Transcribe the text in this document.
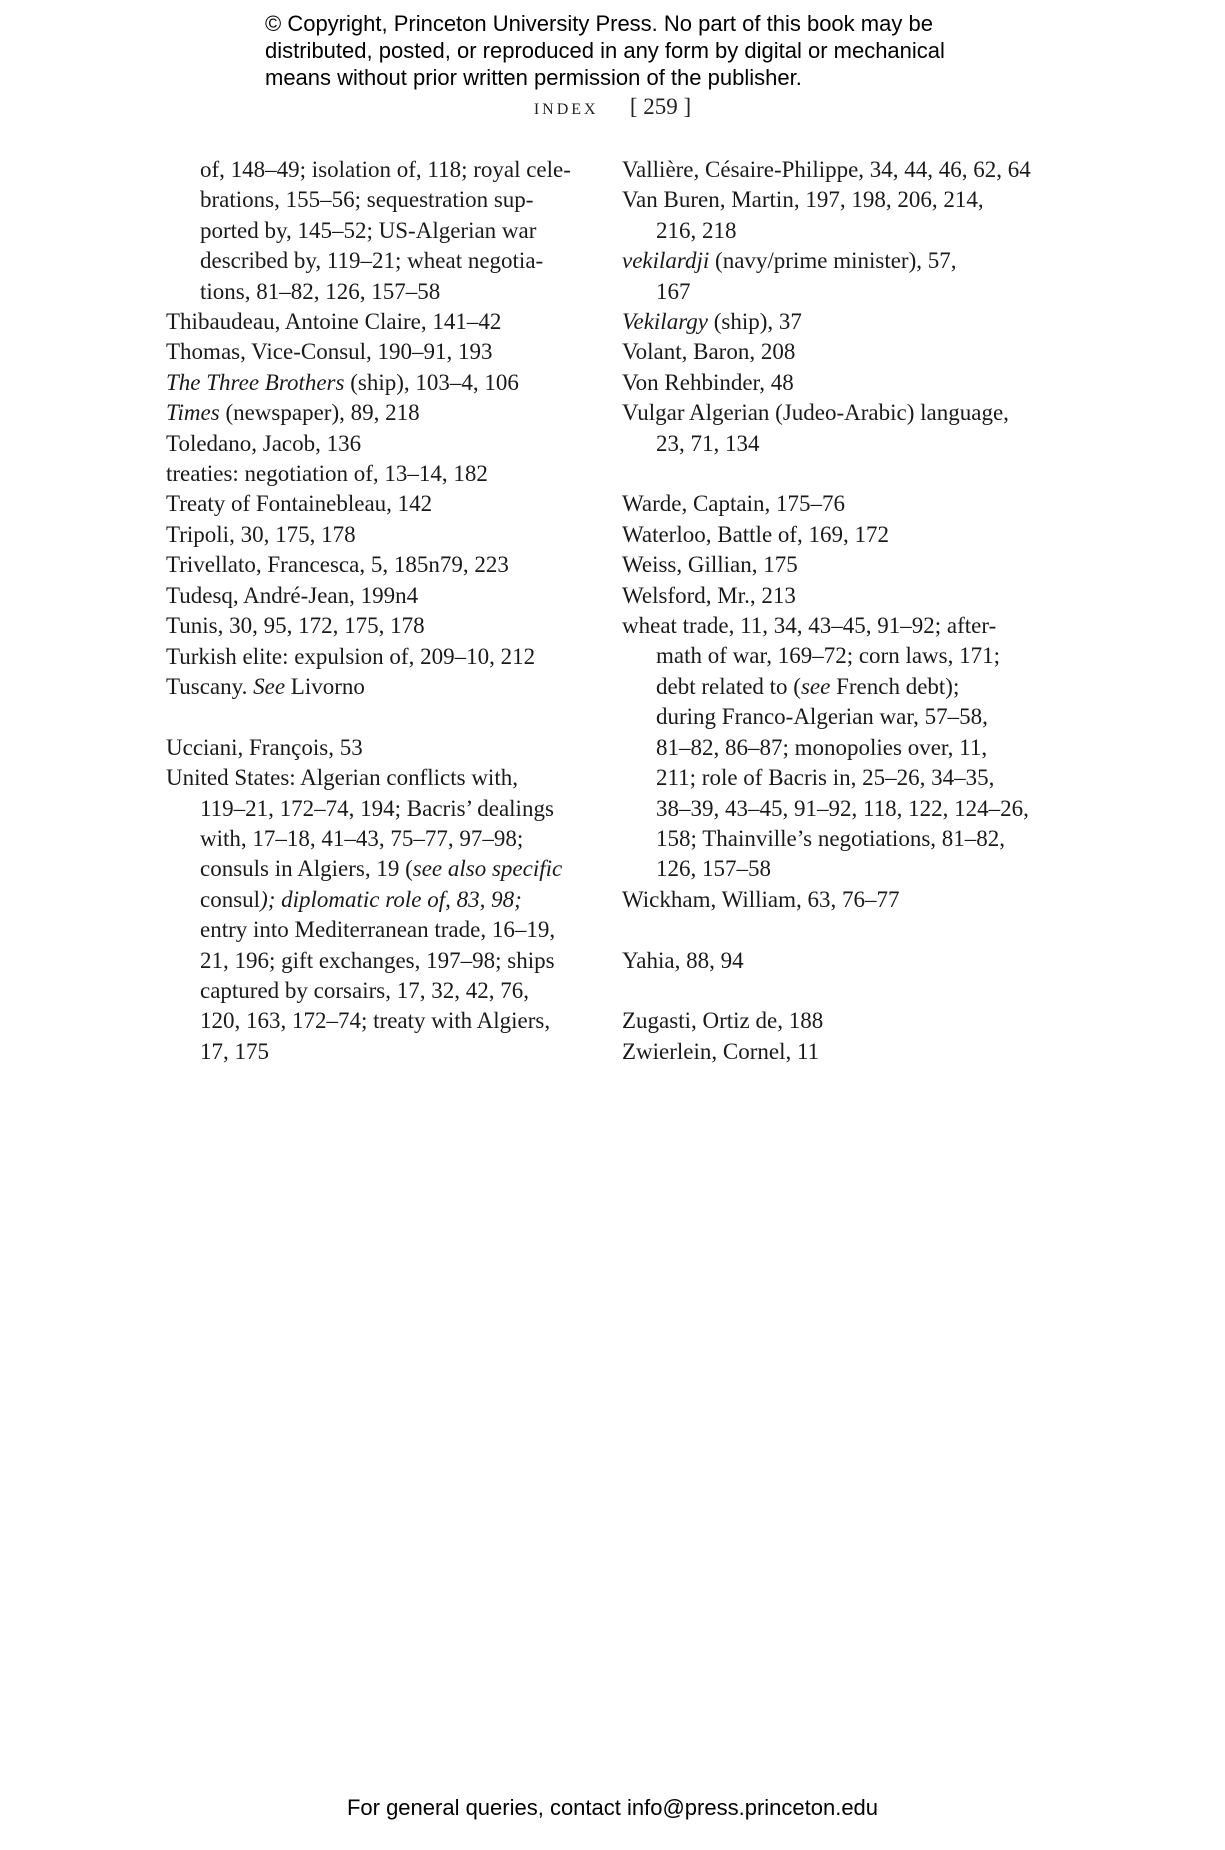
© Copyright, Princeton University Press. No part of this book may be
distributed, posted, or reproduced in any form by digital or mechanical
means without prior written permission of the publisher.
index [ 259 ]

of, 148–49; isolation of, 118; royal cele-
brations, 155–56; sequestration sup-
ported by, 145–52; US-Algerian war
described by, 119–21; wheat negotia-
tions, 81–82, 126, 157–58

Thibaudeau, Antoine Claire, 141–42

Thomas, Vice-Consul, 190–91, 193

The Three Brothers (ship), 103–4, 106

Times (newspaper), 89, 218

Toledano, Jacob, 136

treaties: negotiation of, 13–14, 182

Treaty of Fontainebleau, 142

Tripoli, 30, 175, 178

Trivellato, Francesca, 5, 185n79, 223

Tudesq, André-Jean, 199n4

Tunis, 30, 95, 172, 175, 178

Turkish elite: expulsion of, 209–10, 212

Tuscany. See Livorno

Ucciani, François, 53

United States: Algerian conflicts with,
119–21, 172–74, 194; Bacris’ dealings
with, 17–18, 41–43, 75–77, 97–98;
consuls in Algiers, 19 (see also specific
consul); diplomatic role of, 83, 98;
entry into Mediterranean trade, 16–19,
21, 196; gift exchanges, 197–98; ships
captured by corsairs, 17, 32, 42, 76,
120, 163, 172–74; treaty with Algiers,
17, 175

Vallière, Césaire-Philippe, 34, 44, 46, 62, 64

Van Buren, Martin, 197, 198, 206, 214,
216, 218

vekilardji (navy/prime minister), 57,
167

Vekilargy (ship), 37

Volant, Baron, 208

Von Rehbinder, 48

Vulgar Algerian (Judeo-Arabic) language,
23, 71, 134

Warde, Captain, 175–76

Waterloo, Battle of, 169, 172

Weiss, Gillian, 175

Welsford, Mr., 213

wheat trade, 11, 34, 43–45, 91–92; after-
math of war, 169–72; corn laws, 171;
debt related to (see French debt);
during Franco-Algerian war, 57–58,
81–82, 86–87; monopolies over, 11,
211; role of Bacris in, 25–26, 34–35,
38–39, 43–45, 91–92, 118, 122, 124–26,
158; Thainville’s negotiations, 81–82,
126, 157–58

Wickham, William, 63, 76–77

Yahia, 88, 94

Zugasti, Ortiz de, 188

Zwierlein, Cornel, 11

For general queries, contact info@press.princeton.edu
